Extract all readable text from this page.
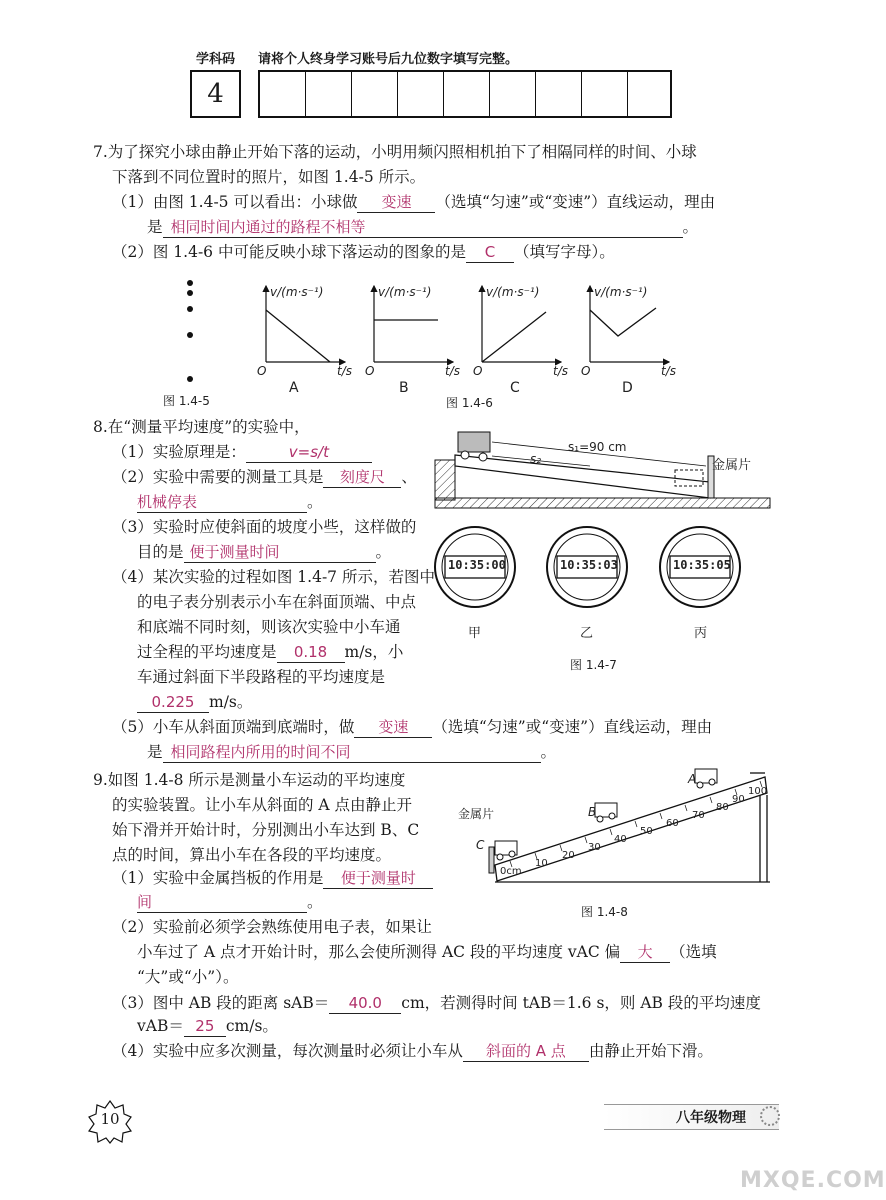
学科码 请将个人终身学习账号后九位数字填写完整。
4
7.为了探究小球由静止开始下落的运动，小明用频闪照相机拍下了相隔同样的时间、小球
下落到不同位置时的照片，如图 1.4-5 所示。
（1）由图 1.4-5 可以看出：小球做 变速 （选填“匀速”或“变速”）直线运动，理由
是 相同时间内通过的路程不相等	。
（2）图 1.4-6 中可能反映小球下落运动的图象的是 C （填写字母）。
图 1.4-5
v/(m·s⁻¹)	v/(m·s⁻¹)	v/(m·s⁻¹)	v/(m·s⁻¹)
t/s	t/s	t/s	t/s
O	O	O	O
A	B	C	D
图 1.4-6
8.在“测量平均速度”的实验中，
（1）实验原理是：	v=s/t
（2）实验中需要的测量工具是 刻度尺 、
机械停表	。
（3）实验时应使斜面的坡度小些，这样做的
目的是 便于测量时间	。
（4）某次实验的过程如图 1.4-7 所示，若图中
的电子表分别表示小车在斜面顶端、中点
和底端不同时刻，则该次实验中小车通
过全程的平均速度是 0.18 m/s，小
车通过斜面下半段路程的平均速度是
0.225 m/s。
（5）小车从斜面顶端到底端时，做 变速 （选填“匀速”或“变速”）直线运动，理由
是 相同路程内所用的时间不同	。
s₁=90 cm
s₂	金属片
10:35:00	10:35:03	10:35:05
甲	乙	丙
图 1.4-7
9.如图 1.4-8 所示是测量小车运动的平均速度
的实验装置。让小车从斜面的 A 点由静止开
始下滑并开始计时，分别测出小车达到 B、C
点的时间，算出小车在各段的平均速度。
（1）实验中金属挡板的作用是 便于测量时
间	。
（2）实验前必须学会熟练使用电子表，如果让
小车过了 A 点才开始计时，那么会使所测得 AC 段的平均速度 vAC 偏 大 （选填
“大”或“小”）。
（3）图中 AB 段的距离 sAB＝ 40.0 cm，若测得时间 tAB＝1.6 s，则 AB 段的平均速度
vAB＝ 25 cm/s。
（4）实验中应多次测量，每次测量时必须让小车从 斜面的 A 点 由静止开始下滑。
金属片
A
B
C
0cm
10
20
30
40
50
60
70
80
90
100
图 1.4-8
10	八年级物理
MXQE.COM
